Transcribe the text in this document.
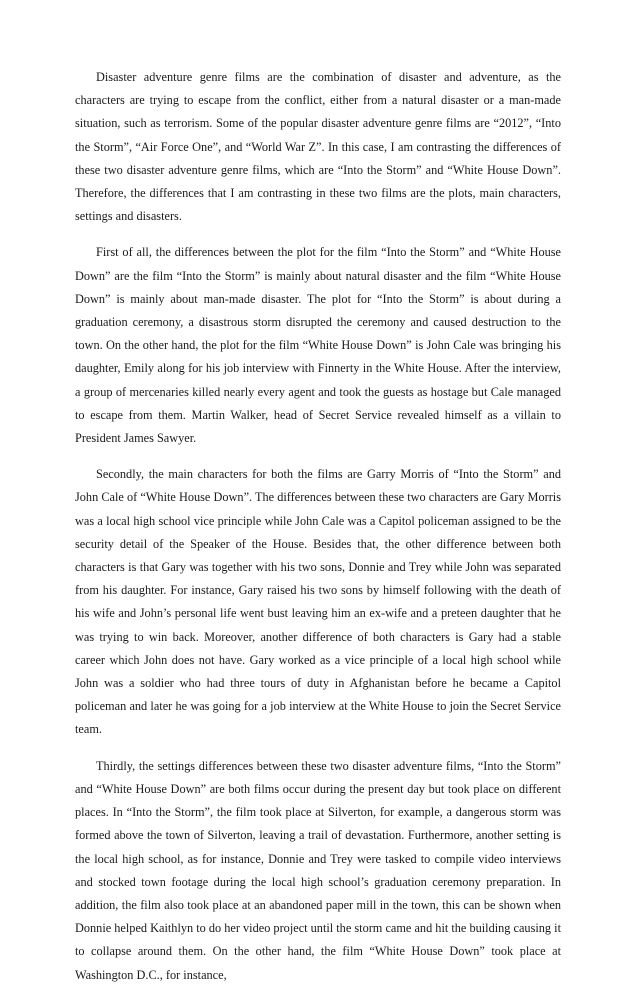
Disaster adventure genre films are the combination of disaster and adventure, as the characters are trying to escape from the conflict, either from a natural disaster or a man-made situation, such as terrorism. Some of the popular disaster adventure genre films are “2012”, “Into the Storm”, “Air Force One”, and “World War Z”. In this case, I am contrasting the differences of these two disaster adventure genre films, which are “Into the Storm” and “White House Down”. Therefore, the differences that I am contrasting in these two films are the plots, main characters, settings and disasters.

First of all, the differences between the plot for the film “Into the Storm” and “White House Down” are the film “Into the Storm” is mainly about natural disaster and the film “White House Down” is mainly about man-made disaster. The plot for “Into the Storm” is about during a graduation ceremony, a disastrous storm disrupted the ceremony and caused destruction to the town. On the other hand, the plot for the film “White House Down” is John Cale was bringing his daughter, Emily along for his job interview with Finnerty in the White House. After the interview, a group of mercenaries killed nearly every agent and took the guests as hostage but Cale managed to escape from them. Martin Walker, head of Secret Service revealed himself as a villain to President James Sawyer.

Secondly, the main characters for both the films are Garry Morris of “Into the Storm” and John Cale of “White House Down”. The differences between these two characters are Gary Morris was a local high school vice principle while John Cale was a Capitol policeman assigned to be the security detail of the Speaker of the House. Besides that, the other difference between both characters is that Gary was together with his two sons, Donnie and Trey while John was separated from his daughter. For instance, Gary raised his two sons by himself following with the death of his wife and John’s personal life went bust leaving him an ex-wife and a preteen daughter that he was trying to win back. Moreover, another difference of both characters is Gary had a stable career which John does not have. Gary worked as a vice principle of a local high school while John was a soldier who had three tours of duty in Afghanistan before he became a Capitol policeman and later he was going for a job interview at the White House to join the Secret Service team.

Thirdly, the settings differences between these two disaster adventure films, “Into the Storm” and “White House Down” are both films occur during the present day but took place on different places. In “Into the Storm”, the film took place at Silverton, for example, a dangerous storm was formed above the town of Silverton, leaving a trail of devastation. Furthermore, another setting is the local high school, as for instance, Donnie and Trey were tasked to compile video interviews and stocked town footage during the local high school’s graduation ceremony preparation. In addition, the film also took place at an abandoned paper mill in the town, this can be shown when Donnie helped Kaithlyn to do her video project until the storm came and hit the building causing it to collapse around them. On the other hand, the film “White House Down” took place at Washington D.C., for instance,
